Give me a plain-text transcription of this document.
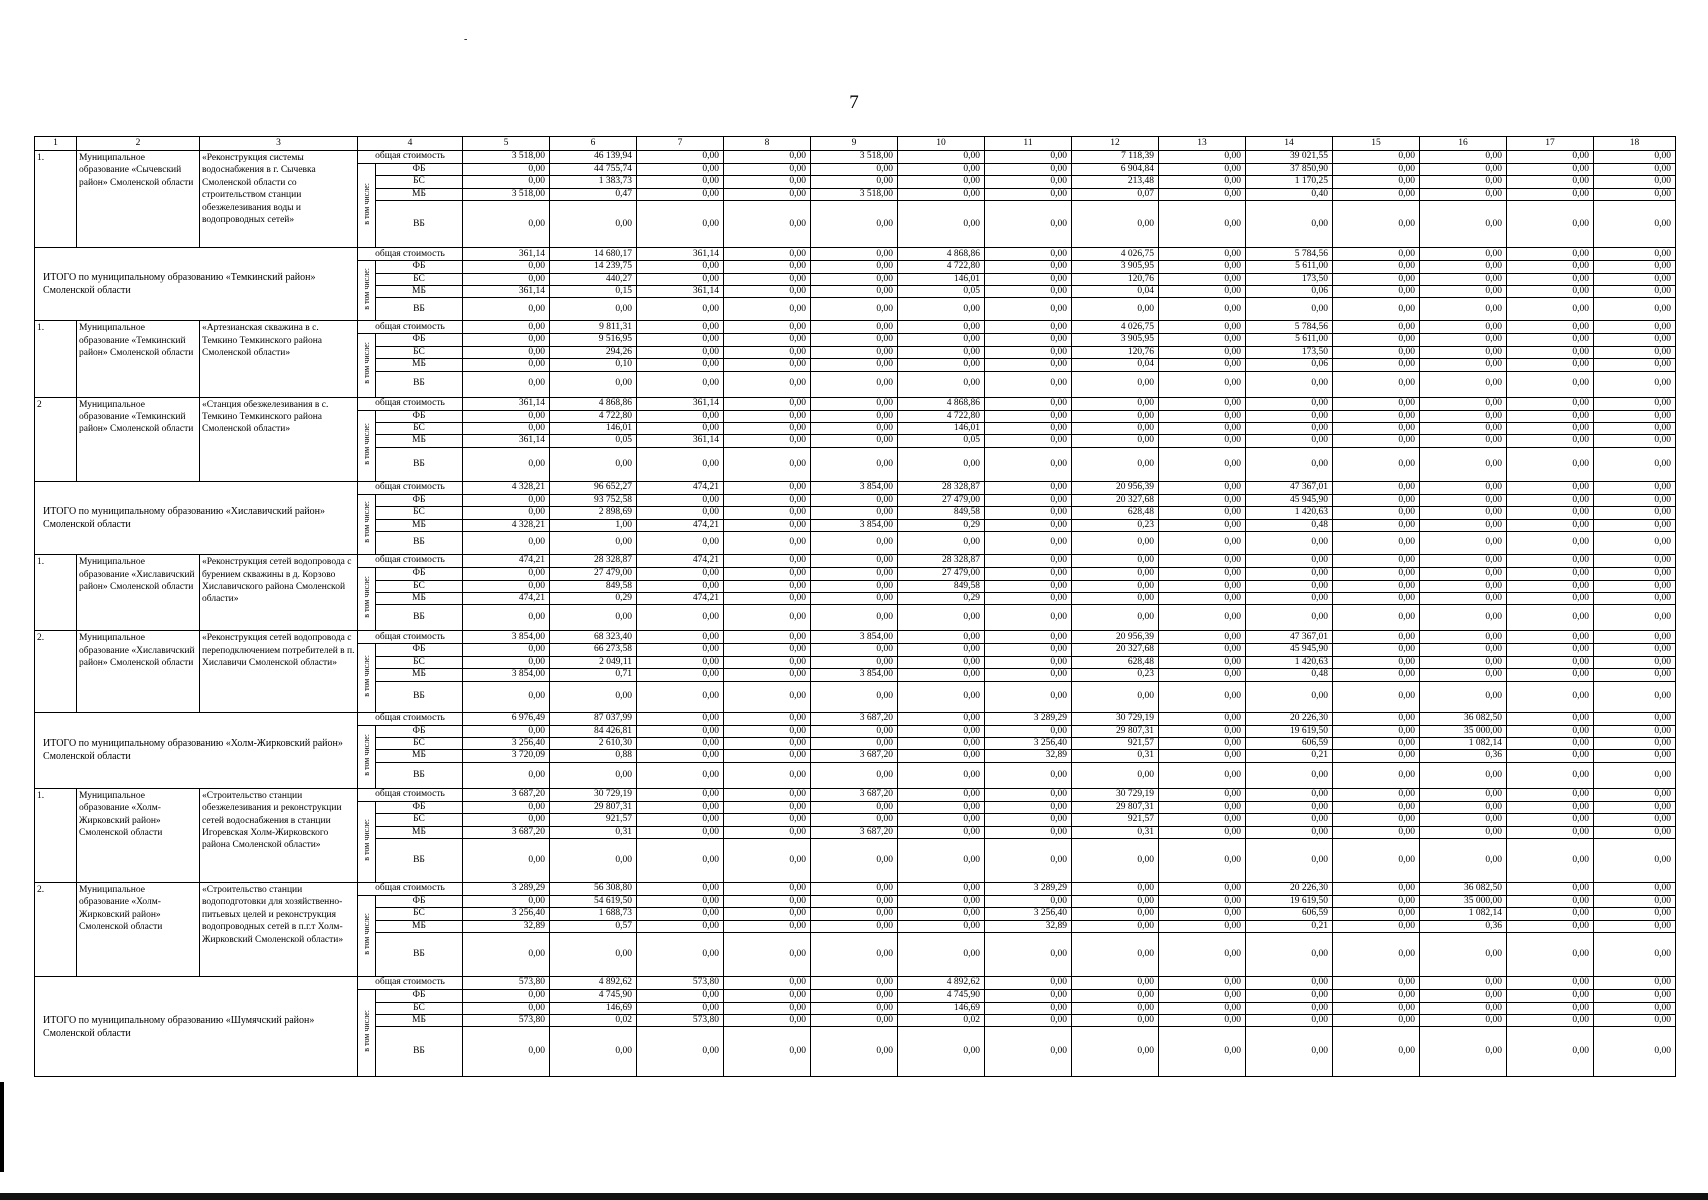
-
7
1	2	3	4		5	6	7	8	9	10	11	12	13	14	15	16	17	18
1.	Муниципальное образование «Сычевский район» Смоленской области	«Реконструкция системы водоснабжения в г. Сычевка Смоленской области со строительством станции обезжелезивания воды и водопроводных сетей»	общая стоимость		3 518,00	46 139,94	0,00	0,00	3 518,00	0,00	0,00	7 118,39	0,00	39 021,55	0,00	0,00	0,00	0,00
			в том числе:	ФБ	0,00	44 755,74	0,00	0,00	0,00	0,00	0,00	6 904,84	0,00	37 850,90	0,00	0,00	0,00	0,00
				БС	0,00	1 383,73	0,00	0,00	0,00	0,00	0,00	213,48	0,00	1 170,25	0,00	0,00	0,00	0,00
				МБ	3 518,00	0,47	0,00	0,00	3 518,00	0,00	0,00	0,07	0,00	0,40	0,00	0,00	0,00	0,00
				ВБ	0,00	0,00	0,00	0,00	0,00	0,00	0,00	0,00	0,00	0,00	0,00	0,00	0,00	0,00
ИТОГО по муниципальному образованию «Темкинский район» Смоленской области			общая стоимость		361,14	14 680,17	361,14	0,00	0,00	4 868,86	0,00	4 026,75	0,00	5 784,56	0,00	0,00	0,00	0,00
			в том числе:	ФБ	0,00	14 239,75	0,00	0,00	0,00	4 722,80	0,00	3 905,95	0,00	5 611,00	0,00	0,00	0,00	0,00
				БС	0,00	440,27	0,00	0,00	0,00	146,01	0,00	120,76	0,00	173,50	0,00	0,00	0,00	0,00
				МБ	361,14	0,15	361,14	0,00	0,00	0,05	0,00	0,04	0,00	0,06	0,00	0,00	0,00	0,00
				ВБ	0,00	0,00	0,00	0,00	0,00	0,00	0,00	0,00	0,00	0,00	0,00	0,00	0,00	0,00
1.	Муниципальное образование «Темкинский район» Смоленской области	«Артезианская скважина в с. Темкино Темкинского района Смоленской области»	общая стоимость		0,00	9 811,31	0,00	0,00	0,00	0,00	0,00	4 026,75	0,00	5 784,56	0,00	0,00	0,00	0,00
			в том числе:	ФБ	0,00	9 516,95	0,00	0,00	0,00	0,00	0,00	3 905,95	0,00	5 611,00	0,00	0,00	0,00	0,00
				БС	0,00	294,26	0,00	0,00	0,00	0,00	0,00	120,76	0,00	173,50	0,00	0,00	0,00	0,00
				МБ	0,00	0,10	0,00	0,00	0,00	0,00	0,00	0,04	0,00	0,06	0,00	0,00	0,00	0,00
				ВБ	0,00	0,00	0,00	0,00	0,00	0,00	0,00	0,00	0,00	0,00	0,00	0,00	0,00	0,00
2	Муниципальное образование «Темкинский район» Смоленской области	«Станция обезжелезивания в с. Темкино Темкинского района Смоленской области»	общая стоимость		361,14	4 868,86	361,14	0,00	0,00	4 868,86	0,00	0,00	0,00	0,00	0,00	0,00	0,00	0,00
			в том числе:	ФБ	0,00	4 722,80	0,00	0,00	0,00	4 722,80	0,00	0,00	0,00	0,00	0,00	0,00	0,00	0,00
				БС	0,00	146,01	0,00	0,00	0,00	146,01	0,00	0,00	0,00	0,00	0,00	0,00	0,00	0,00
				МБ	361,14	0,05	361,14	0,00	0,00	0,05	0,00	0,00	0,00	0,00	0,00	0,00	0,00	0,00
				ВБ	0,00	0,00	0,00	0,00	0,00	0,00	0,00	0,00	0,00	0,00	0,00	0,00	0,00	0,00
ИТОГО по муниципальному образованию «Хиславичский район» Смоленской области			общая стоимость		4 328,21	96 652,27	474,21	0,00	3 854,00	28 328,87	0,00	20 956,39	0,00	47 367,01	0,00	0,00	0,00	0,00
			в том числе:	ФБ	0,00	93 752,58	0,00	0,00	0,00	27 479,00	0,00	20 327,68	0,00	45 945,90	0,00	0,00	0,00	0,00
				БС	0,00	2 898,69	0,00	0,00	0,00	849,58	0,00	628,48	0,00	1 420,63	0,00	0,00	0,00	0,00
				МБ	4 328,21	1,00	474,21	0,00	3 854,00	0,29	0,00	0,23	0,00	0,48	0,00	0,00	0,00	0,00
				ВБ	0,00	0,00	0,00	0,00	0,00	0,00	0,00	0,00	0,00	0,00	0,00	0,00	0,00	0,00
1.	Муниципальное образование «Хиславичский район» Смоленской области	«Реконструкция сетей водопровода с бурением скважины в д. Корзово Хиславичского района Смоленской области»	общая стоимость		474,21	28 328,87	474,21	0,00	0,00	28 328,87	0,00	0,00	0,00	0,00	0,00	0,00	0,00	0,00
			в том числе:	ФБ	0,00	27 479,00	0,00	0,00	0,00	27 479,00	0,00	0,00	0,00	0,00	0,00	0,00	0,00	0,00
				БС	0,00	849,58	0,00	0,00	0,00	849,58	0,00	0,00	0,00	0,00	0,00	0,00	0,00	0,00
				МБ	474,21	0,29	474,21	0,00	0,00	0,29	0,00	0,00	0,00	0,00	0,00	0,00	0,00	0,00
				ВБ	0,00	0,00	0,00	0,00	0,00	0,00	0,00	0,00	0,00	0,00	0,00	0,00	0,00	0,00
2.	Муниципальное образование «Хиславичский район» Смоленской области	«Реконструкция сетей водопровода с переподключением потребителей в п. Хиславичи Смоленской области»	общая стоимость		3 854,00	68 323,40	0,00	0,00	3 854,00	0,00	0,00	20 956,39	0,00	47 367,01	0,00	0,00	0,00	0,00
			в том числе:	ФБ	0,00	66 273,58	0,00	0,00	0,00	0,00	0,00	20 327,68	0,00	45 945,90	0,00	0,00	0,00	0,00
				БС	0,00	2 049,11	0,00	0,00	0,00	0,00	0,00	628,48	0,00	1 420,63	0,00	0,00	0,00	0,00
				МБ	3 854,00	0,71	0,00	0,00	3 854,00	0,00	0,00	0,23	0,00	0,48	0,00	0,00	0,00	0,00
				ВБ	0,00	0,00	0,00	0,00	0,00	0,00	0,00	0,00	0,00	0,00	0,00	0,00	0,00	0,00
ИТОГО по муниципальному образованию «Холм-Жирковский район» Смоленской области			общая стоимость		6 976,49	87 037,99	0,00	0,00	3 687,20	0,00	3 289,29	30 729,19	0,00	20 226,30	0,00	36 082,50	0,00	0,00
			в том числе:	ФБ	0,00	84 426,81	0,00	0,00	0,00	0,00	0,00	29 807,31	0,00	19 619,50	0,00	35 000,00	0,00	0,00
				БС	3 256,40	2 610,30	0,00	0,00	0,00	0,00	3 256,40	921,57	0,00	606,59	0,00	1 082,14	0,00	0,00
				МБ	3 720,09	0,88	0,00	0,00	3 687,20	0,00	32,89	0,31	0,00	0,21	0,00	0,36	0,00	0,00
				ВБ	0,00	0,00	0,00	0,00	0,00	0,00	0,00	0,00	0,00	0,00	0,00	0,00	0,00	0,00
1.	Муниципальное образование «Холм-Жирковский район» Смоленской области	«Строительство станции обезжелезивания и реконструкции сетей водоснабжения в станции Игоревская Холм-Жирковского района Смоленской области»	общая стоимость		3 687,20	30 729,19	0,00	0,00	3 687,20	0,00	0,00	30 729,19	0,00	0,00	0,00	0,00	0,00	0,00
			в том числе:	ФБ	0,00	29 807,31	0,00	0,00	0,00	0,00	0,00	29 807,31	0,00	0,00	0,00	0,00	0,00	0,00
				БС	0,00	921,57	0,00	0,00	0,00	0,00	0,00	921,57	0,00	0,00	0,00	0,00	0,00	0,00
				МБ	3 687,20	0,31	0,00	0,00	3 687,20	0,00	0,00	0,31	0,00	0,00	0,00	0,00	0,00	0,00
				ВБ	0,00	0,00	0,00	0,00	0,00	0,00	0,00	0,00	0,00	0,00	0,00	0,00	0,00	0,00
2.	Муниципальное образование «Холм-Жирковский район» Смоленской области	«Строительство станции водоподготовки для хозяйственно-питьевых целей и реконструкция водопроводных сетей в п.г.т Холм-Жирковский Смоленской области»	общая стоимость		3 289,29	56 308,80	0,00	0,00	0,00	0,00	3 289,29	0,00	0,00	20 226,30	0,00	36 082,50	0,00	0,00
			в том числе:	ФБ	0,00	54 619,50	0,00	0,00	0,00	0,00	0,00	0,00	0,00	19 619,50	0,00	35 000,00	0,00	0,00
				БС	3 256,40	1 688,73	0,00	0,00	0,00	0,00	3 256,40	0,00	0,00	606,59	0,00	1 082,14	0,00	0,00
				МБ	32,89	0,57	0,00	0,00	0,00	0,00	32,89	0,00	0,00	0,21	0,00	0,36	0,00	0,00
				ВБ	0,00	0,00	0,00	0,00	0,00	0,00	0,00	0,00	0,00	0,00	0,00	0,00	0,00	0,00
ИТОГО по муниципальному образованию «Шумячский район» Смоленской области			общая стоимость		573,80	4 892,62	573,80	0,00	0,00	4 892,62	0,00	0,00	0,00	0,00	0,00	0,00	0,00	0,00
			в том числе:	ФБ	0,00	4 745,90	0,00	0,00	0,00	4 745,90	0,00	0,00	0,00	0,00	0,00	0,00	0,00	0,00
				БС	0,00	146,69	0,00	0,00	0,00	146,69	0,00	0,00	0,00	0,00	0,00	0,00	0,00	0,00
				МБ	573,80	0,02	573,80	0,00	0,00	0,02	0,00	0,00	0,00	0,00	0,00	0,00	0,00	0,00
				ВБ	0,00	0,00	0,00	0,00	0,00	0,00	0,00	0,00	0,00	0,00	0,00	0,00	0,00	0,00
